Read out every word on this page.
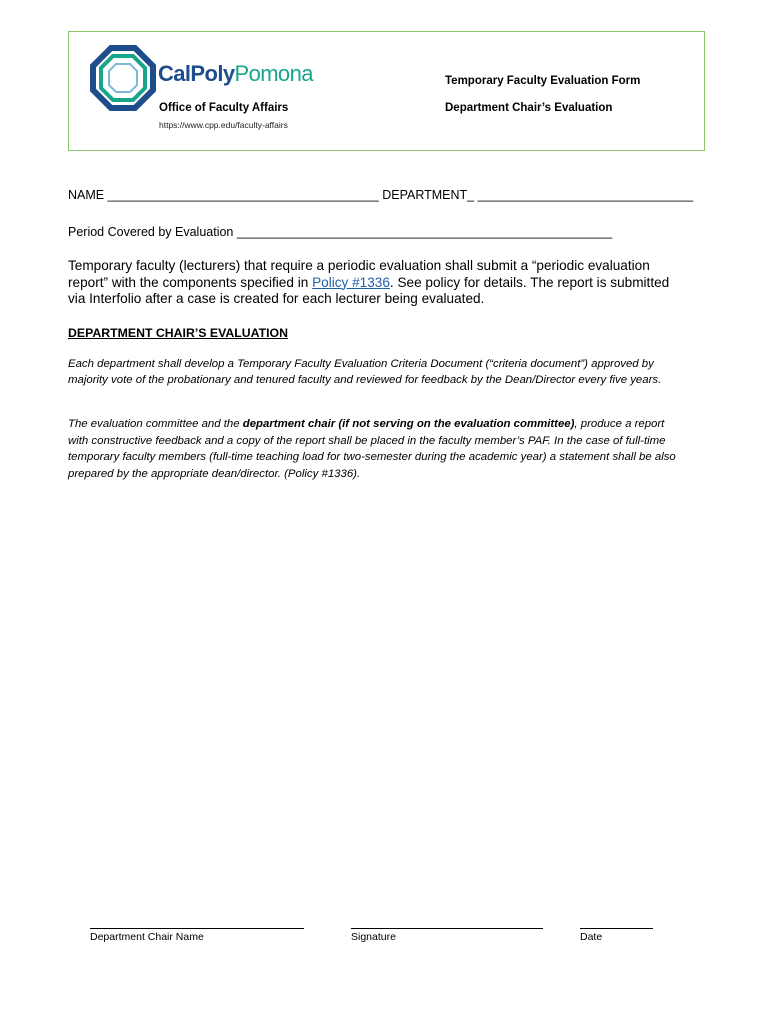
CalPolyPomona
Office of Faculty Affairs
https://www.cpp.edu/faculty-affairs
Temporary Faculty Evaluation Form
Department Chair’s Evaluation
NAME _______________________________________ DEPARTMENT_ _______________________________
Period Covered by Evaluation ______________________________________________________
Temporary faculty (lecturers) that require a periodic evaluation shall submit a “periodic evaluation report” with the components specified in Policy #1336. See policy for details. The report is submitted via Interfolio after a case is created for each lecturer being evaluated.
DEPARTMENT CHAIR’S EVALUATION
Each department shall develop a Temporary Faculty Evaluation Criteria Document (“criteria document”) approved by majority vote of the probationary and tenured faculty and reviewed for feedback by the Dean/Director every five years.
The evaluation committee and the department chair (if not serving on the evaluation committee), produce a report with constructive feedback and a copy of the report shall be placed in the faculty member’s PAF. In the case of full-time temporary faculty members (full-time teaching load for two-semester during the academic year) a statement shall be also prepared by the appropriate dean/director. (Policy #1336).
Department Chair Name	Signature	Date
